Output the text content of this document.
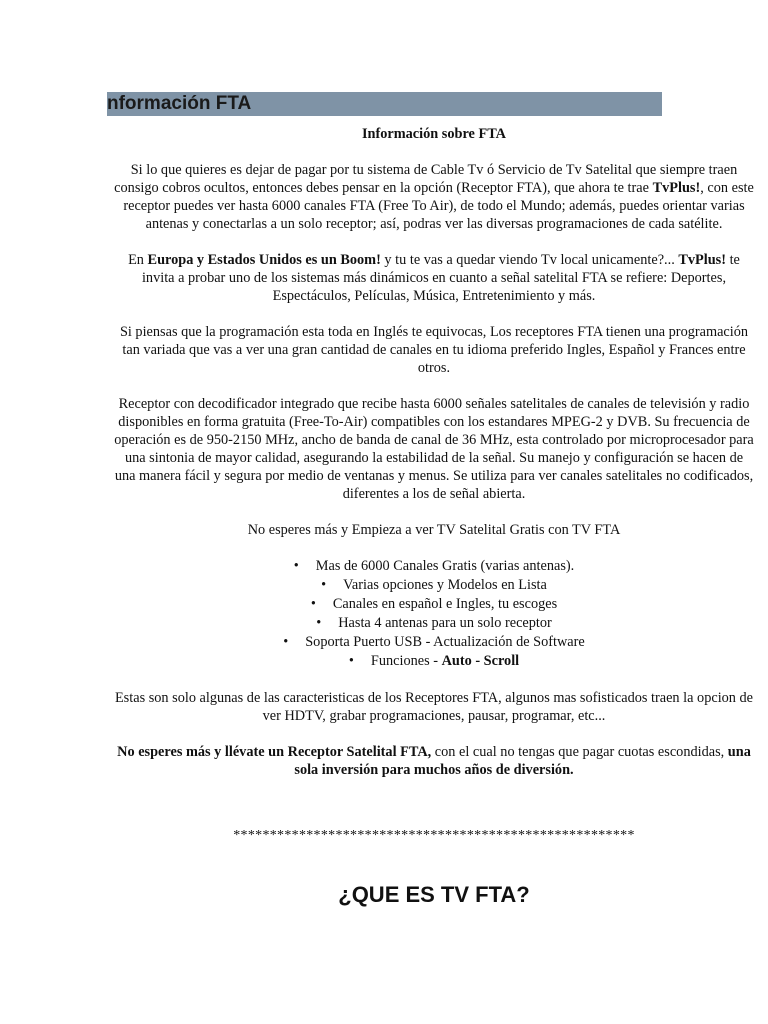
nformación FTA

Información sobre FTA

Si lo que quieres es dejar de pagar por tu sistema de Cable Tv ó Servicio de Tv Satelital que siempre traen consigo cobros ocultos, entonces debes pensar en la opción (Receptor FTA), que ahora te trae TvPlus!, con este receptor puedes ver hasta 6000 canales FTA (Free To Air), de todo el Mundo; además, puedes orientar varias antenas y conectarlas a un solo receptor; así, podras ver las diversas programaciones de cada satélite.

En Europa y Estados Unidos es un Boom! y tu te vas a quedar viendo Tv local unicamente?... TvPlus! te invita a probar uno de los sistemas más dinámicos en cuanto a señal satelital FTA se refiere: Deportes, Espectáculos, Películas, Música, Entretenimiento y más.

Si piensas que la programación esta toda en Inglés te equivocas, Los receptores FTA tienen una programación tan variada que vas a ver una gran cantidad de canales en tu idioma preferido Ingles, Español y Frances entre otros.

Receptor con decodificador integrado que recibe hasta 6000 señales satelitales de canales de televisión y radio disponibles en forma gratuita (Free-To-Air) compatibles con los estandares MPEG-2 y DVB. Su frecuencia de operación es de 950-2150 MHz, ancho de banda de canal de 36 MHz, esta controlado por microprocesador para una sintonia de mayor calidad, asegurando la estabilidad de la señal. Su manejo y configuración se hacen de una manera fácil y segura por medio de ventanas y menus. Se utiliza para ver canales satelitales no codificados, diferentes a los de señal abierta.

No esperes más y Empieza a ver TV Satelital Gratis con TV FTA

• Mas de 6000 Canales Gratis (varias antenas).
• Varias opciones y Modelos en Lista
• Canales en español e Ingles, tu escoges
• Hasta 4 antenas para un solo receptor
• Soporta Puerto USB - Actualización de Software
• Funciones - Auto - Scroll

Estas son solo algunas de las caracteristicas de los Receptores FTA, algunos mas sofisticados traen la opcion de ver HDTV, grabar programaciones, pausar, programar, etc...

No esperes más y llévate un Receptor Satelital FTA, con el cual no tengas que pagar cuotas escondidas, una sola inversión para muchos años de diversión.

*******************************************************
¿QUE ES TV FTA?
